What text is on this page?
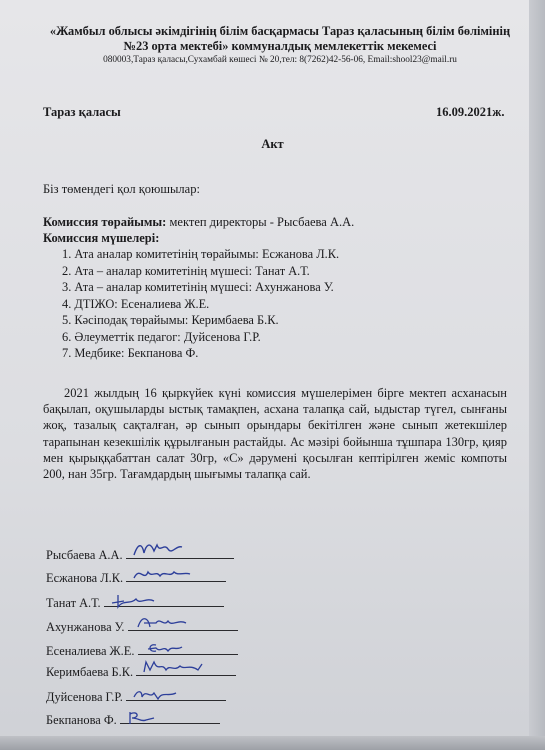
«Жамбыл облысы әкімдігінің білім басқармасы Тараз қаласының білім бөлімінің
№23 орта мектебі» коммуналдық мемлекеттік мекемесі
080003,Тараз қаласы,Сухамбай көшесі № 20,тел: 8(7262)42-56-06, Email:shool23@mail.ru
Тараз қаласы	16.09.2021ж.
Акт
Біз төмендегі қол қоюшылар:
Комиссия төрайымы: мектеп директоры - Рысбаева А.А.
Комиссия мүшелері:
1. Ата аналар комитетінің төрайымы: Есжанова Л.К.
2. Ата – аналар комитетінің мүшесі: Танат А.Т.
3. Ата – аналар комитетінің мүшесі: Ахунжанова У.
4. ДТІЖО: Есеналиева Ж.Е.
5. Кәсіподақ төрайымы: Керимбаева Б.К.
6. Әлеуметтік педагог: Дуйсенова Г.Р.
7. Медбике: Бекпанова Ф.
2021 жылдың 16 қыркүйек күні комиссия мүшелерімен бірге мектеп асханасын бақылап, оқушыларды ыстық тамақпен, асхана талапқа сай, ыдыстар түгел, сынғаны жоқ, тазалық сақталған, әр сынып орындары бекітілген және сынып жетекшілер тарапынан кезекшілік құрылғанын растайды. Ас мәзірі бойынша тұшпара 130гр, қияр мен қырыққабаттан салат 30гр, «С» дәрумені қосылған кептірілген жеміс компоты 200, нан 35гр. Тағамдардың шығымы талапқа сай.
Рысбаева А.А.
Есжанова Л.К.
Танат А.Т.
Ахунжанова У.
Есеналиева Ж.Е.
Керимбаева Б.К.
Дуйсенова Г.Р.
Бекпанова Ф.
